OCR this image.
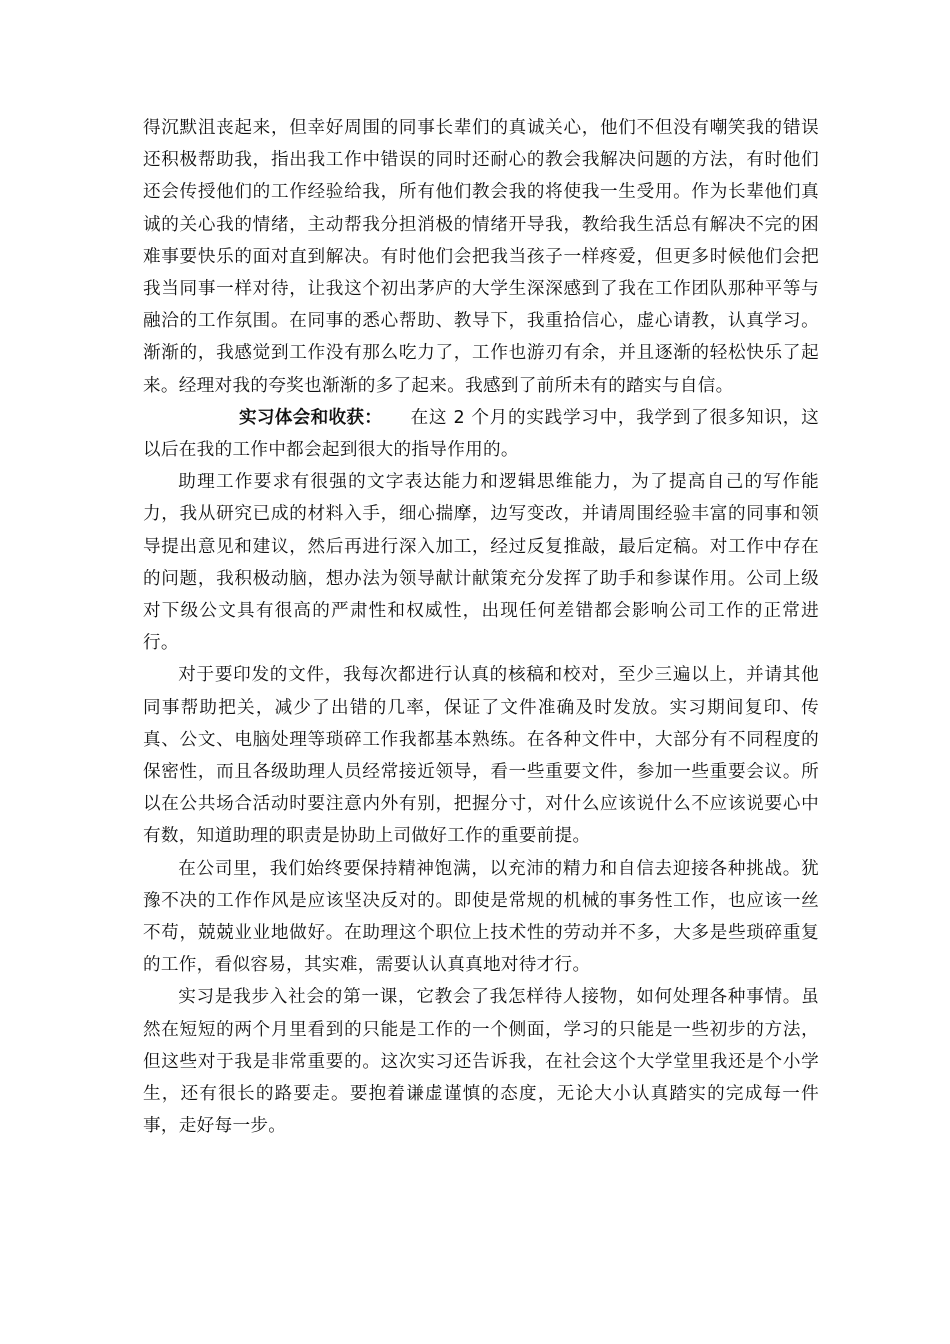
得沉默沮丧起来，但幸好周围的同事长辈们的真诚关心，他们不但没有嘲笑我的错误还积极帮助我，指出我工作中错误的同时还耐心的教会我解决问题的方法，有时他们还会传授他们的工作经验给我，所有他们教会我的将使我一生受用。作为长辈他们真诚的关心我的情绪，主动帮我分担消极的情绪开导我，教给我生活总有解决不完的困难事要快乐的面对直到解决。有时他们会把我当孩子一样疼爱，但更多时候他们会把我当同事一样对待，让我这个初出茅庐的大学生深深感到了我在工作团队那种平等与融洽的工作氛围。在同事的悉心帮助、教导下，我重拾信心，虚心请教，认真学习。渐渐的，我感觉到工作没有那么吃力了，工作也游刃有余，并且逐渐的轻松快乐了起来。经理对我的夸奖也渐渐的多了起来。我感到了前所未有的踏实与自信。

实习体会和收获： 在这 2 个月的实践学习中，我学到了很多知识，这以后在我的工作中都会起到很大的指导作用的。

助理工作要求有很强的文字表达能力和逻辑思维能力，为了提高自己的写作能力，我从研究已成的材料入手，细心揣摩，边写变改，并请周围经验丰富的同事和领导提出意见和建议，然后再进行深入加工，经过反复推敲，最后定稿。对工作中存在的问题，我积极动脑，想办法为领导献计献策充分发挥了助手和参谋作用。公司上级对下级公文具有很高的严肃性和权威性，出现任何差错都会影响公司工作的正常进行。

对于要印发的文件，我每次都进行认真的核稿和校对，至少三遍以上，并请其他同事帮助把关，减少了出错的几率，保证了文件准确及时发放。实习期间复印、传真、公文、电脑处理等琐碎工作我都基本熟练。在各种文件中，大部分有不同程度的保密性，而且各级助理人员经常接近领导，看一些重要文件，参加一些重要会议。所以在公共场合活动时要注意内外有别，把握分寸，对什么应该说什么不应该说要心中有数，知道助理的职责是协助上司做好工作的重要前提。

在公司里，我们始终要保持精神饱满，以充沛的精力和自信去迎接各种挑战。犹豫不决的工作作风是应该坚决反对的。即使是常规的机械的事务性工作，也应该一丝不苟，兢兢业业地做好。在助理这个职位上技术性的劳动并不多，大多是些琐碎重复的工作，看似容易，其实难，需要认认真真地对待才行。

实习是我步入社会的第一课，它教会了我怎样待人接物，如何处理各种事情。虽然在短短的两个月里看到的只能是工作的一个侧面，学习的只能是一些初步的方法，但这些对于我是非常重要的。这次实习还告诉我，在社会这个大学堂里我还是个小学生，还有很长的路要走。要抱着谦虚谨慎的态度，无论大小认真踏实的完成每一件事，走好每一步。
